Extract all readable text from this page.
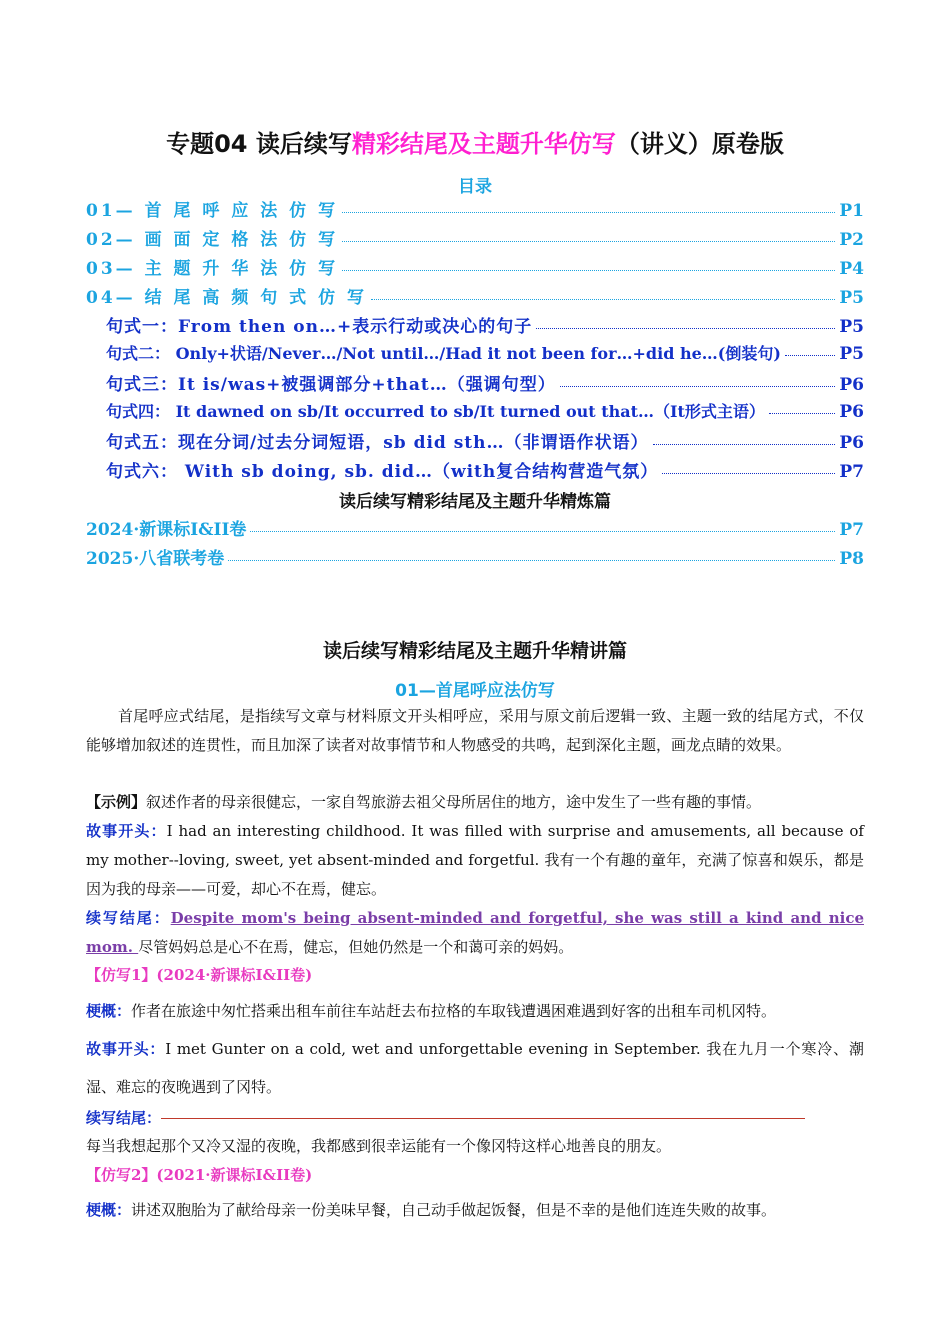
专题04 读后续写精彩结尾及主题升华仿写（讲义）原卷版
目录
01— 首 尾 呼 应 法 仿 写	P1
02— 画 面 定 格 法 仿 写	P2
03— 主 题 升 华 法 仿 写	P4
04— 结 尾 高 频 句 式 仿 写	P5
句式一：From then on…+表示行动或决心的句子	P5
句式二： Only+状语/Never…/Not until…/Had it not been for…+did he…(倒装句)	P5
句式三：It is/was+被强调部分+that…（强调句型）	P6
句式四： It dawned on sb/It occurred to sb/It turned out that…（It形式主语）	P6
句式五：现在分词/过去分词短语，sb did sth…（非谓语作状语）	P6
句式六： With sb doing, sb. did…（with复合结构营造气氛）	P7
读后续写精彩结尾及主题升华精炼篇
2024·新课标I&II卷	P7
2025·八省联考卷	P8
读后续写精彩结尾及主题升华精讲篇
01—首尾呼应法仿写
首尾呼应式结尾，是指续写文章与材料原文开头相呼应，采用与原文前后逻辑一致、主题一致的结尾方式，不仅能够增加叙述的连贯性，而且加深了读者对故事情节和人物感受的共鸣，起到深化主题，画龙点睛的效果。
【示例】叙述作者的母亲很健忘，一家自驾旅游去祖父母所居住的地方，途中发生了一些有趣的事情。
故事开头：I had an interesting childhood. It was filled with surprise and amusements, all because of my mother--loving, sweet, yet absent-minded and forgetful. 我有一个有趣的童年，充满了惊喜和娱乐，都是因为我的母亲——可爱，却心不在焉，健忘。
续写结尾：Despite mom's being absent-minded and forgetful, she was still a kind and nice mom. 尽管妈妈总是心不在焉，健忘，但她仍然是一个和蔼可亲的妈妈。
【仿写1】(2024·新课标I&II卷)
梗概：作者在旅途中匆忙搭乘出租车前往车站赶去布拉格的车取钱遭遇困难遇到好客的出租车司机冈特。
故事开头：I met Gunter on a cold, wet and unforgettable evening in September. 我在九月一个寒冷、潮湿、难忘的夜晚遇到了冈特。
续写结尾：
每当我想起那个又冷又湿的夜晚，我都感到很幸运能有一个像冈特这样心地善良的朋友。
【仿写2】(2021·新课标I&II卷)
梗概：讲述双胞胎为了献给母亲一份美味早餐，自己动手做起饭餐，但是不幸的是他们连连失败的故事。
